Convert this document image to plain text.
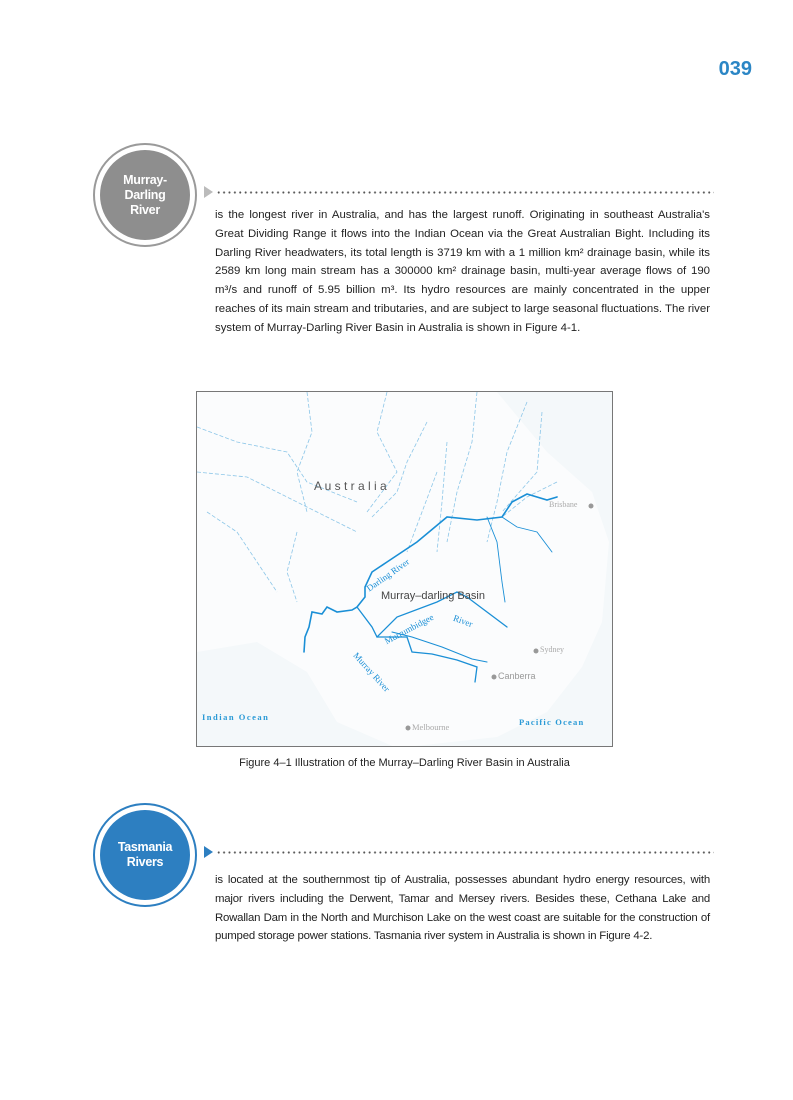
039
Murray-
Darling
River	is the longest river in Australia, and has the largest runoff. Originating in southeast Australia's Great Dividing Range it flows into the Indian Ocean via the Great Australian Bight. Including its Darling River headwaters, its total length is 3719 km with a 1 million km² drainage basin, while its 2589 km long main stream has a 300000 km² drainage basin, multi-year average flows of 190 m³/s and runoff of 5.95 billion m³. Its hydro resources are mainly concentrated in the upper reaches of its main stream and tributaries, and are subject to large seasonal fluctuations. The river system of Murray-Darling River Basin in Australia is shown in Figure 4-1.
A u s t r a l i a
Murray–darling Basin
Darling River
Murrumbidgee River
Murray River
Brisbane
Sydney
Canberra
Melbourne
Indian Ocean	Pacific Ocean
Figure 4–1 Illustration of the Murray–Darling River Basin in Australia
Tasmania
Rivers
is located at the southernmost tip of Australia, possesses abundant hydro energy resources, with major rivers including the Derwent, Tamar and Mersey rivers. Besides these, Cethana Lake and Rowallan Dam in the North and Murchison Lake on the west coast are suitable for the construction of pumped storage power stations. Tasmania river system in Australia is shown in Figure 4-2.
